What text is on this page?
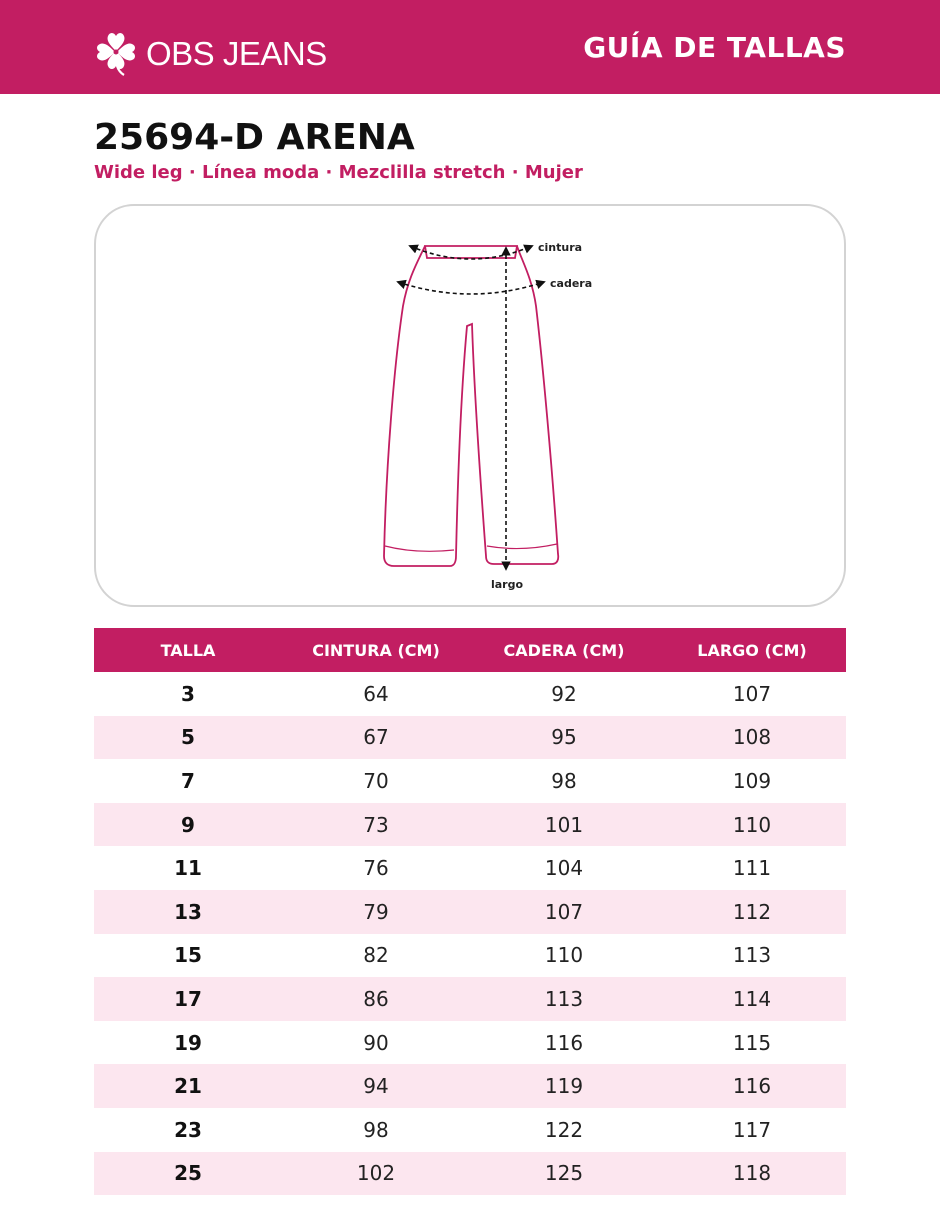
OBS JEANS	GUÍA DE TALLAS
25694-D ARENA
Wide leg · Línea moda · Mezclilla stretch · Mujer
cintura
cadera
largo
TALLA	CINTURA (CM)	CADERA (CM)	LARGO (CM)
3	64	92	107
5	67	95	108
7	70	98	109
9	73	101	110
11	76	104	111
13	79	107	112
15	82	110	113
17	86	113	114
19	90	116	115
21	94	119	116
23	98	122	117
25	102	125	118
